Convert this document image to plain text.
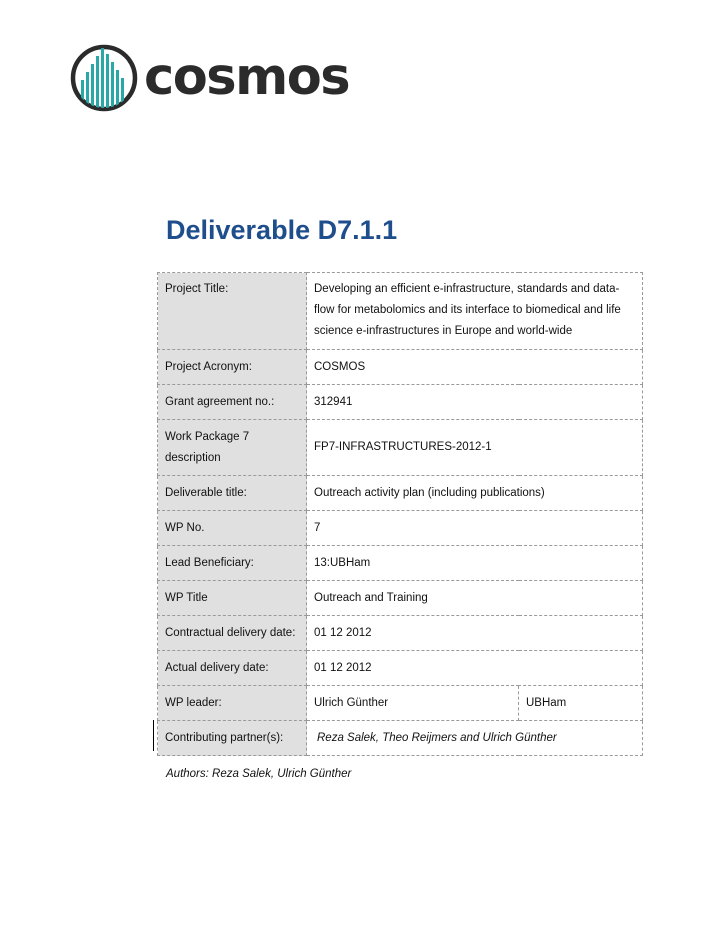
cosmos
Deliverable D7.1.1
Project Title:	Developing an efficient e-infrastructure, standards and data-
flow for metabolomics and its interface to biomedical and life
science e-infrastructures in Europe and world-wide	

Project Acronym:	COSMOS	
Grant agreement no.:	312941	

Work Package 7
description	FP7-INFRASTRUCTURES-2012-1	
Deliverable title:	Outreach activity plan (including publications)	
WP No.	7	
Lead Beneficiary:	13:UBHam	
WP Title	Outreach and Training	
Contractual delivery date:	01 12 2012	
Actual delivery date:	01 12 2012	
WP leader:	Ulrich Günther	UBHam
Contributing partner(s):	Reza Salek, Theo Reijmers and Ulrich Günther	
Authors: Reza Salek, Ulrich Günther
